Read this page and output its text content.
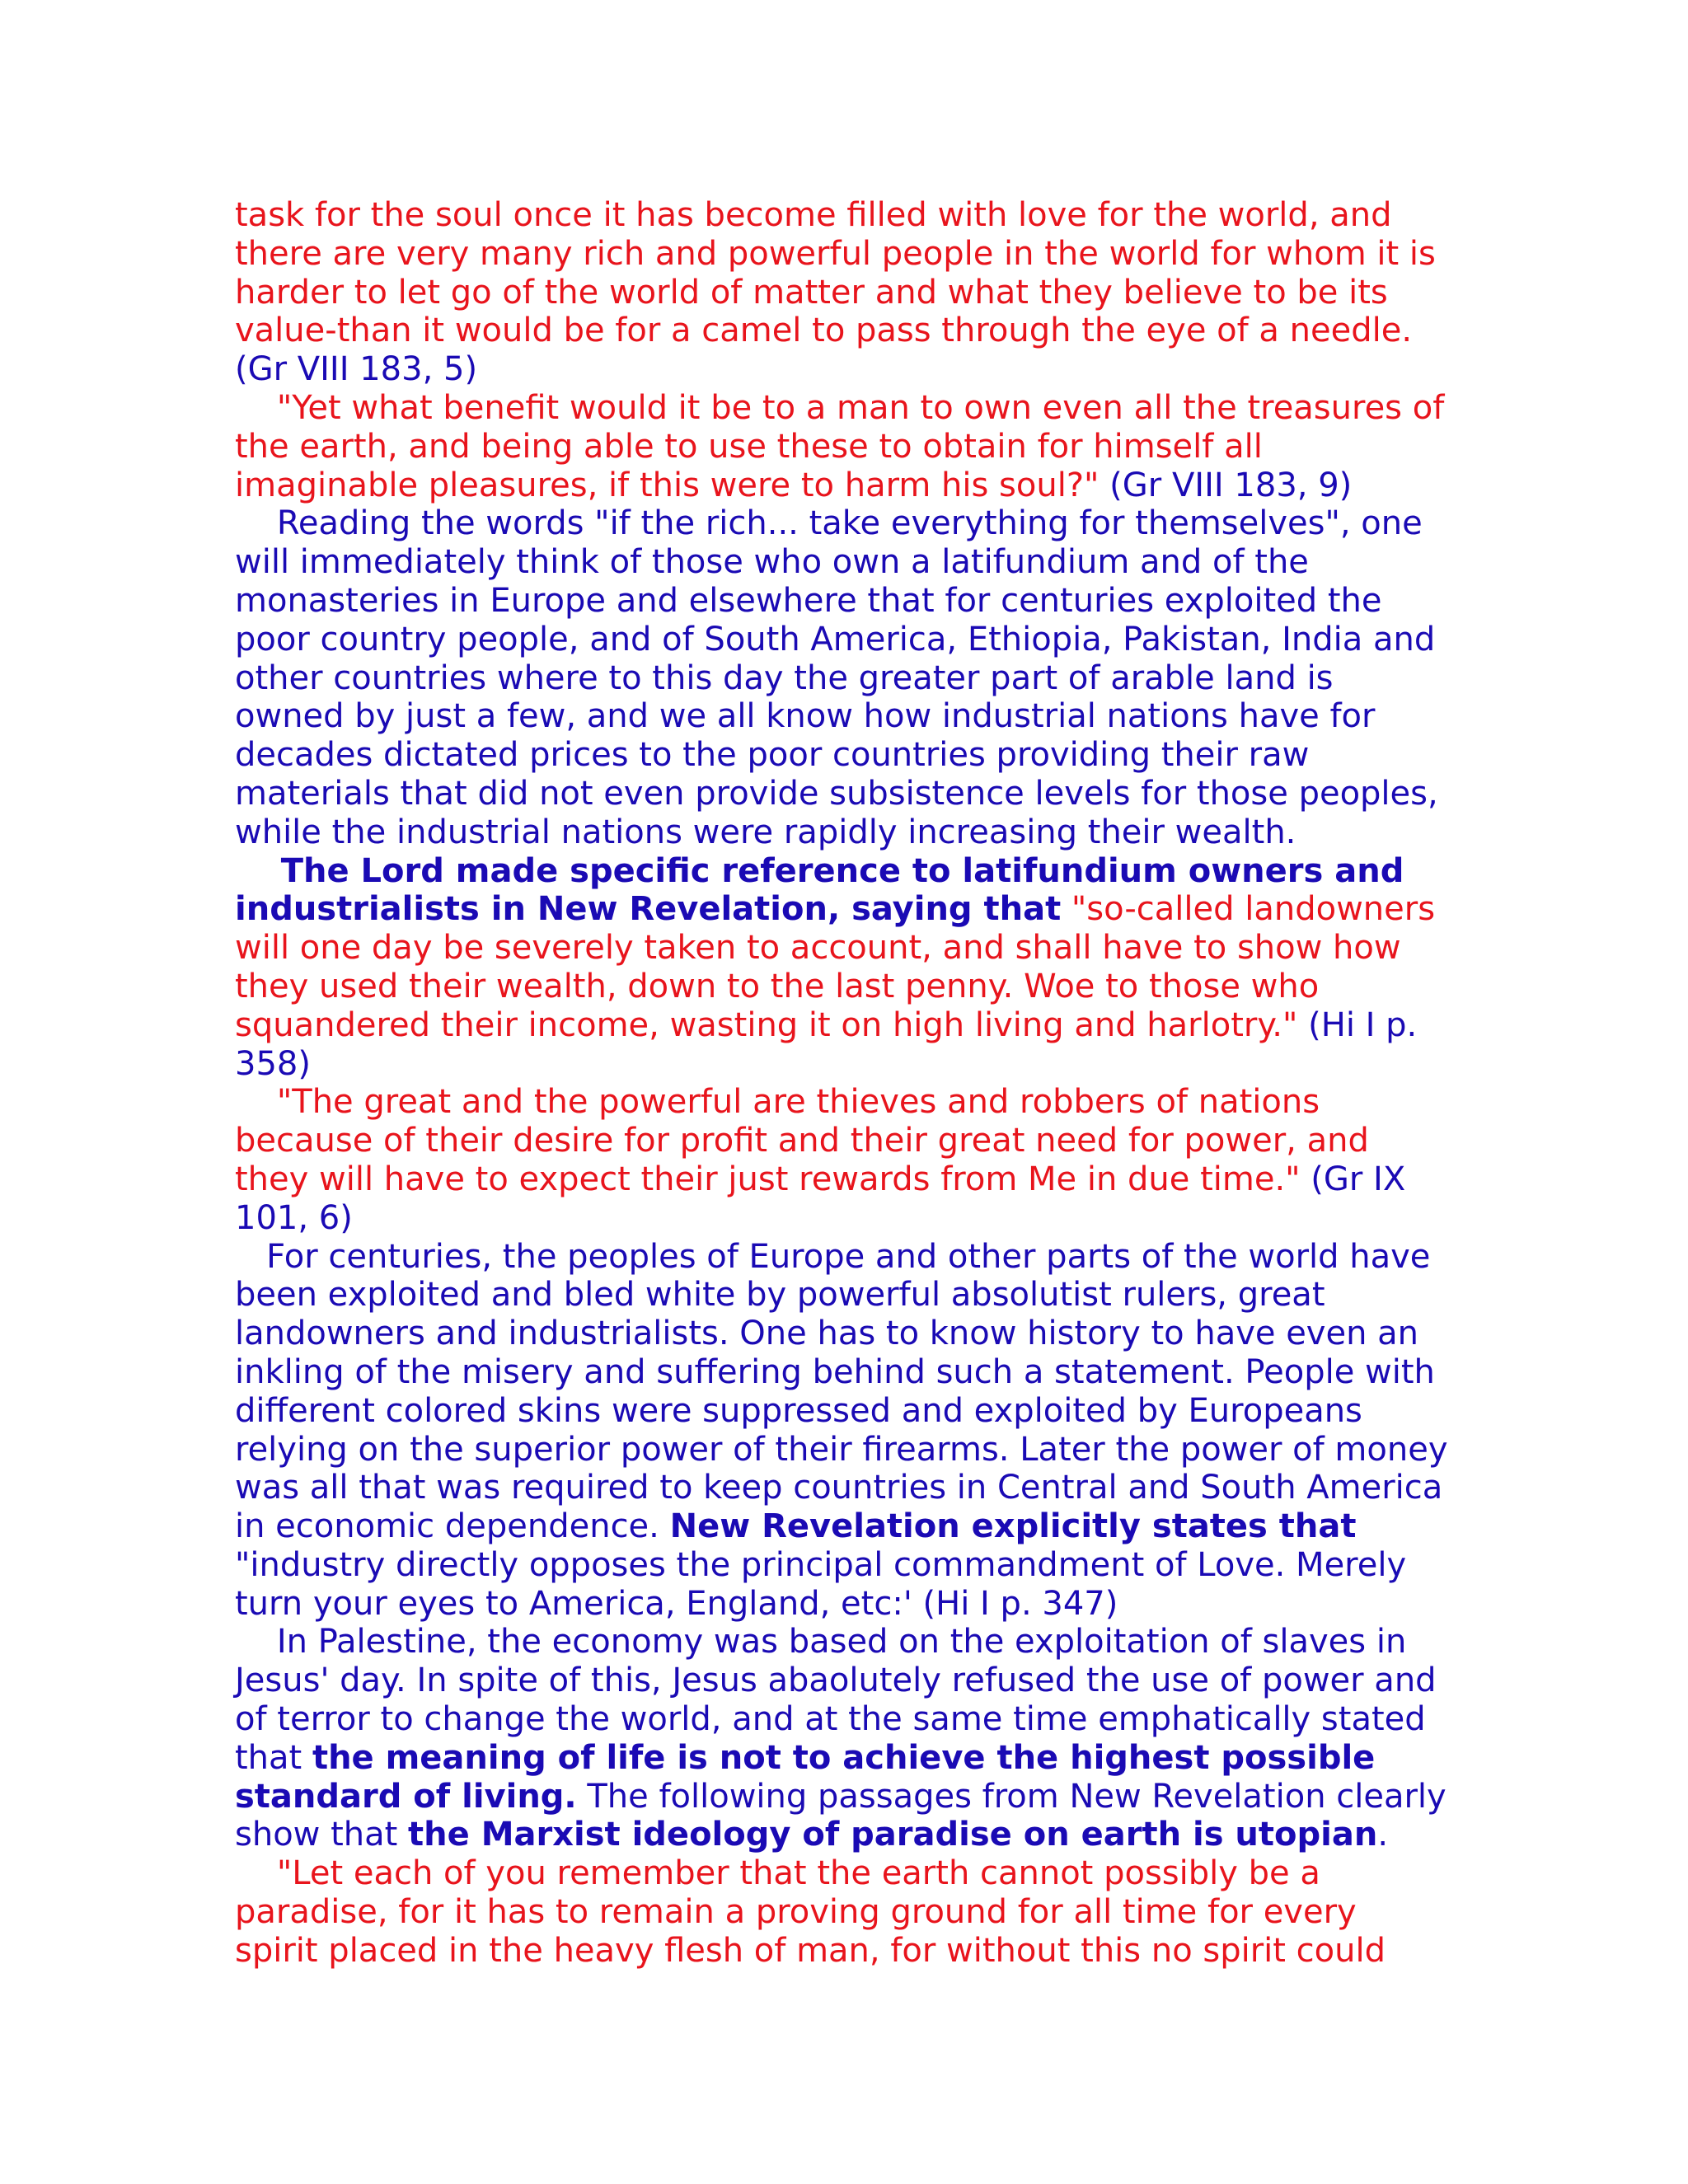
task for the soul once it has become filled with love for the world, and
there are very many rich and powerful people in the world for whom it is
harder to let go of the world of matter and what they believe to be its
value-than it would be for a camel to pass through the eye of a needle.
(Gr VIII 183, 5)
"Yet what benefit would it be to a man to own even all the treasures of
the earth, and being able to use these to obtain for himself all
imaginable pleasures, if this were to harm his soul?" (Gr VIII 183, 9)
Reading the words "if the rich... take everything for themselves", one
will immediately think of those who own a latifundium and of the
monasteries in Europe and elsewhere that for centuries exploited the
poor country people, and of South America, Ethiopia, Pakistan, India and
other countries where to this day the greater part of arable land is
owned by just a few, and we all know how industrial nations have for
decades dictated prices to the poor countries providing their raw
materials that did not even provide subsistence levels for those peoples,
while the industrial nations were rapidly increasing their wealth.
The Lord made specific reference to latifundium owners and
industrialists in New Revelation, saying that "so-called landowners
will one day be severely taken to account, and shall have to show how
they used their wealth, down to the last penny. Woe to those who
squandered their income, wasting it on high living and harlotry." (Hi I p.
358)
"The great and the powerful are thieves and robbers of nations
because of their desire for profit and their great need for power, and
they will have to expect their just rewards from Me in due time." (Gr IX
101, 6)
For centuries, the peoples of Europe and other parts of the world have
been exploited and bled white by powerful absolutist rulers, great
landowners and industrialists. One has to know history to have even an
inkling of the misery and suffering behind such a statement. People with
different colored skins were suppressed and exploited by Europeans
relying on the superior power of their firearms. Later the power of money
was all that was required to keep countries in Central and South America
in economic dependence. New Revelation explicitly states that
"industry directly opposes the principal commandment of Love. Merely
turn your eyes to America, England, etc:' (Hi I p. 347)
In Palestine, the economy was based on the exploitation of slaves in
Jesus' day. In spite of this, Jesus abaolutely refused the use of power and
of terror to change the world, and at the same time emphatically stated
that the meaning of life is not to achieve the highest possible
standard of living. The following passages from New Revelation clearly
show that the Marxist ideology of paradise on earth is utopian.
"Let each of you remember that the earth cannot possibly be a
paradise, for it has to remain a proving ground for all time for every
spirit placed in the heavy flesh of man, for without this no spirit could
